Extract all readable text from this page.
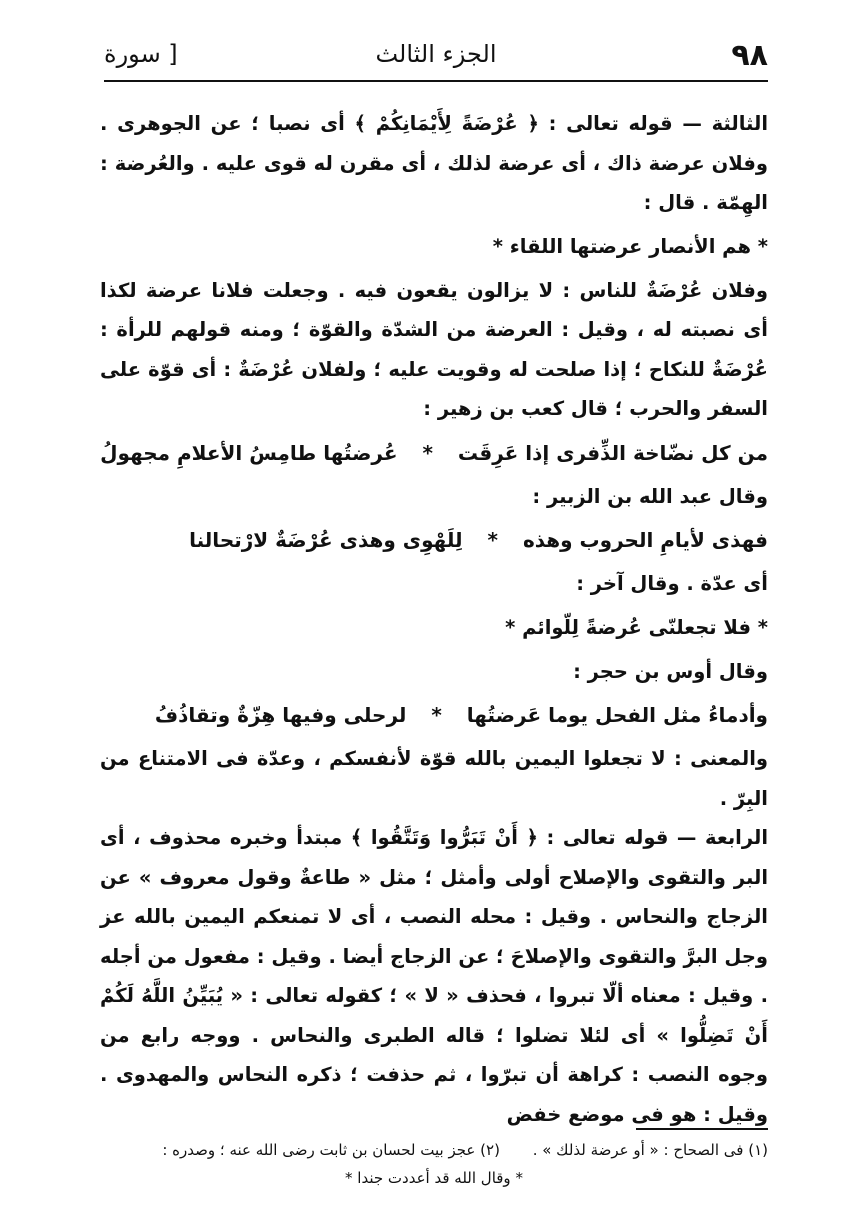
٩٨
الجزء الثالث
[ سورة

الثالثة — قوله تعالى : ﴿ عُرْضَةً لِأَيْمَانِكُمْ ﴾ أى نصبا ؛ عن الجوهرى . وفلان عرضة ذاك ، أى عرضة لذلك ، أى مقرن له قوى عليه . والعُرضة : الهِمّة . قال :

* هم الأنصار عرضتها اللقاء *

وفلان عُرْضَةٌ للناس : لا يزالون يقعون فيه . وجعلت فلانا عرضة لكذا أى نصبته له ، وقيل : العرضة من الشدّة والقوّة ؛ ومنه قولهم للرأة : عُرْضَةٌ للنكاح ؛ إذا صلحت له وقويت عليه ؛ ولفلان عُرْضَةٌ : أى قوّة على السفر والحرب ؛ قال كعب بن زهير :

من كل نضّاخة الذِّفرى إذا عَرِقَت * عُرضتُها طامِسُ الأعلامِ مجهولُ

وقال عبد الله بن الزبير :

فهذى لأيامِ الحروب وهذه * لِلَهْوِى وهذى عُرْضَةٌ لارْتحالنا

أى عدّة . وقال آخر :

* فلا تجعلنّى عُرضةً لِلّوائم *

وقال أوس بن حجر :

وأدماءُ مثل الفحل يوما عَرضتُها * لرحلى وفيها هِزّةٌ وتقاذُفُ

والمعنى : لا تجعلوا اليمين بالله قوّة لأنفسكم ، وعدّة فى الامتناع من البِرّ .

الرابعة — قوله تعالى : ﴿ أَنْ تَبَرُّوا وَتَتَّقُوا ﴾ مبتدأ وخبره محذوف ، أى البر والتقوى والإصلاح أولى وأمثل ؛ مثل « طاعةٌ وقول معروف » عن الزجاج والنحاس . وقيل : محله النصب ، أى لا تمنعكم اليمين بالله عز وجل البرَّ والتقوى والإصلاحَ ؛ عن الزجاج أيضا . وقيل : مفعول من أجله . وقيل : معناه ألّا تبروا ، فحذف « لا » ؛ كقوله تعالى : « يُبَيِّنُ اللَّهُ لَكُمْ أَنْ تَضِلُّوا » أى لئلا تضلوا ؛ قاله الطبرى والنحاس . ووجه رابع من وجوه النصب : كراهة أن تبرّوا ، ثم حذفت ؛ ذكره النحاس والمهدوى . وقيل : هو فى موضع خفض

(١) فى الصحاح : « أو عرضة لذلك » . (٢) عجز بيت لحسان بن ثابت رضى الله عنه ؛ وصدره :

* وقال الله قد أعددت جندا *
